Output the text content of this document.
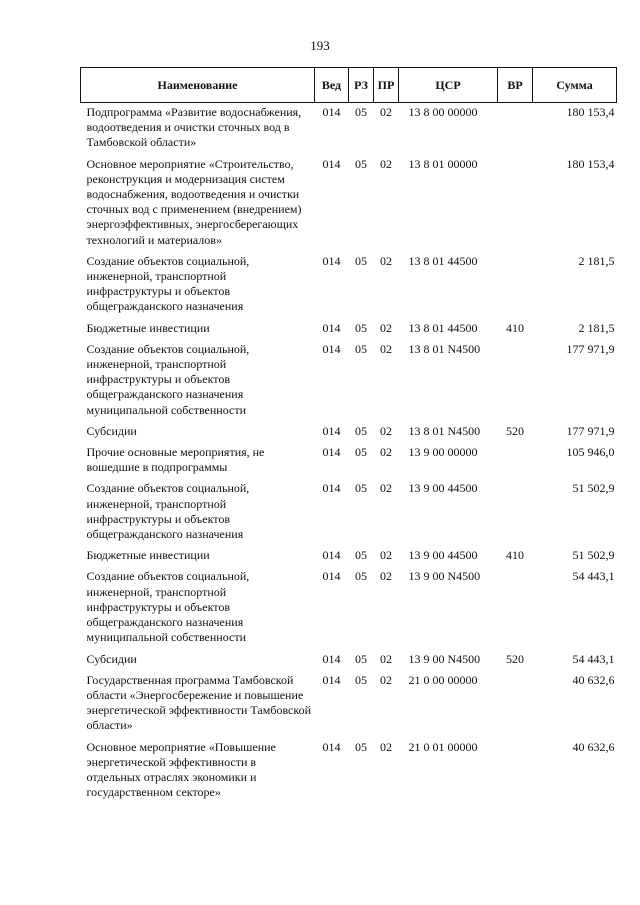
193
Наименование	Вед	РЗ	ПР	ЦСР	ВР	Сумма
Подпрограмма «Развитие водоснабжения, водоотведения и очистки сточных вод в Тамбовской области»	014	05	02	13 8 00 00000		180 153,4
Основное мероприятие «Строительство, реконструкция и модернизация систем водоснабжения, водоотведения и очистки сточных вод с применением (внедрением) энергоэффективных, энергосберегающих технологий и материалов»	014	05	02	13 8 01 00000		180 153,4
Создание объектов социальной, инженерной, транспортной инфраструктуры и объектов общегражданского назначения	014	05	02	13 8 01 44500		2 181,5
Бюджетные инвестиции	014	05	02	13 8 01 44500	410	2 181,5
Создание объектов социальной, инженерной, транспортной инфраструктуры и объектов общегражданского назначения муниципальной собственности	014	05	02	13 8 01 N4500		177 971,9
Субсидии	014	05	02	13 8 01 N4500	520	177 971,9
Прочие основные мероприятия, не вошедшие в подпрограммы	014	05	02	13 9 00 00000		105 946,0
Создание объектов социальной, инженерной, транспортной инфраструктуры и объектов общегражданского назначения	014	05	02	13 9 00 44500		51 502,9
Бюджетные инвестиции	014	05	02	13 9 00 44500	410	51 502,9
Создание объектов социальной, инженерной, транспортной инфраструктуры и объектов общегражданского назначения муниципальной собственности	014	05	02	13 9 00 N4500		54 443,1
Субсидии	014	05	02	13 9 00 N4500	520	54 443,1
Государственная программа Тамбовской области «Энергосбережение и повышение энергетической эффективности Тамбовской области»	014	05	02	21 0 00 00000		40 632,6
Основное мероприятие «Повышение энергетической эффективности в отдельных отраслях экономики и государственном секторе»	014	05	02	21 0 01 00000		40 632,6
